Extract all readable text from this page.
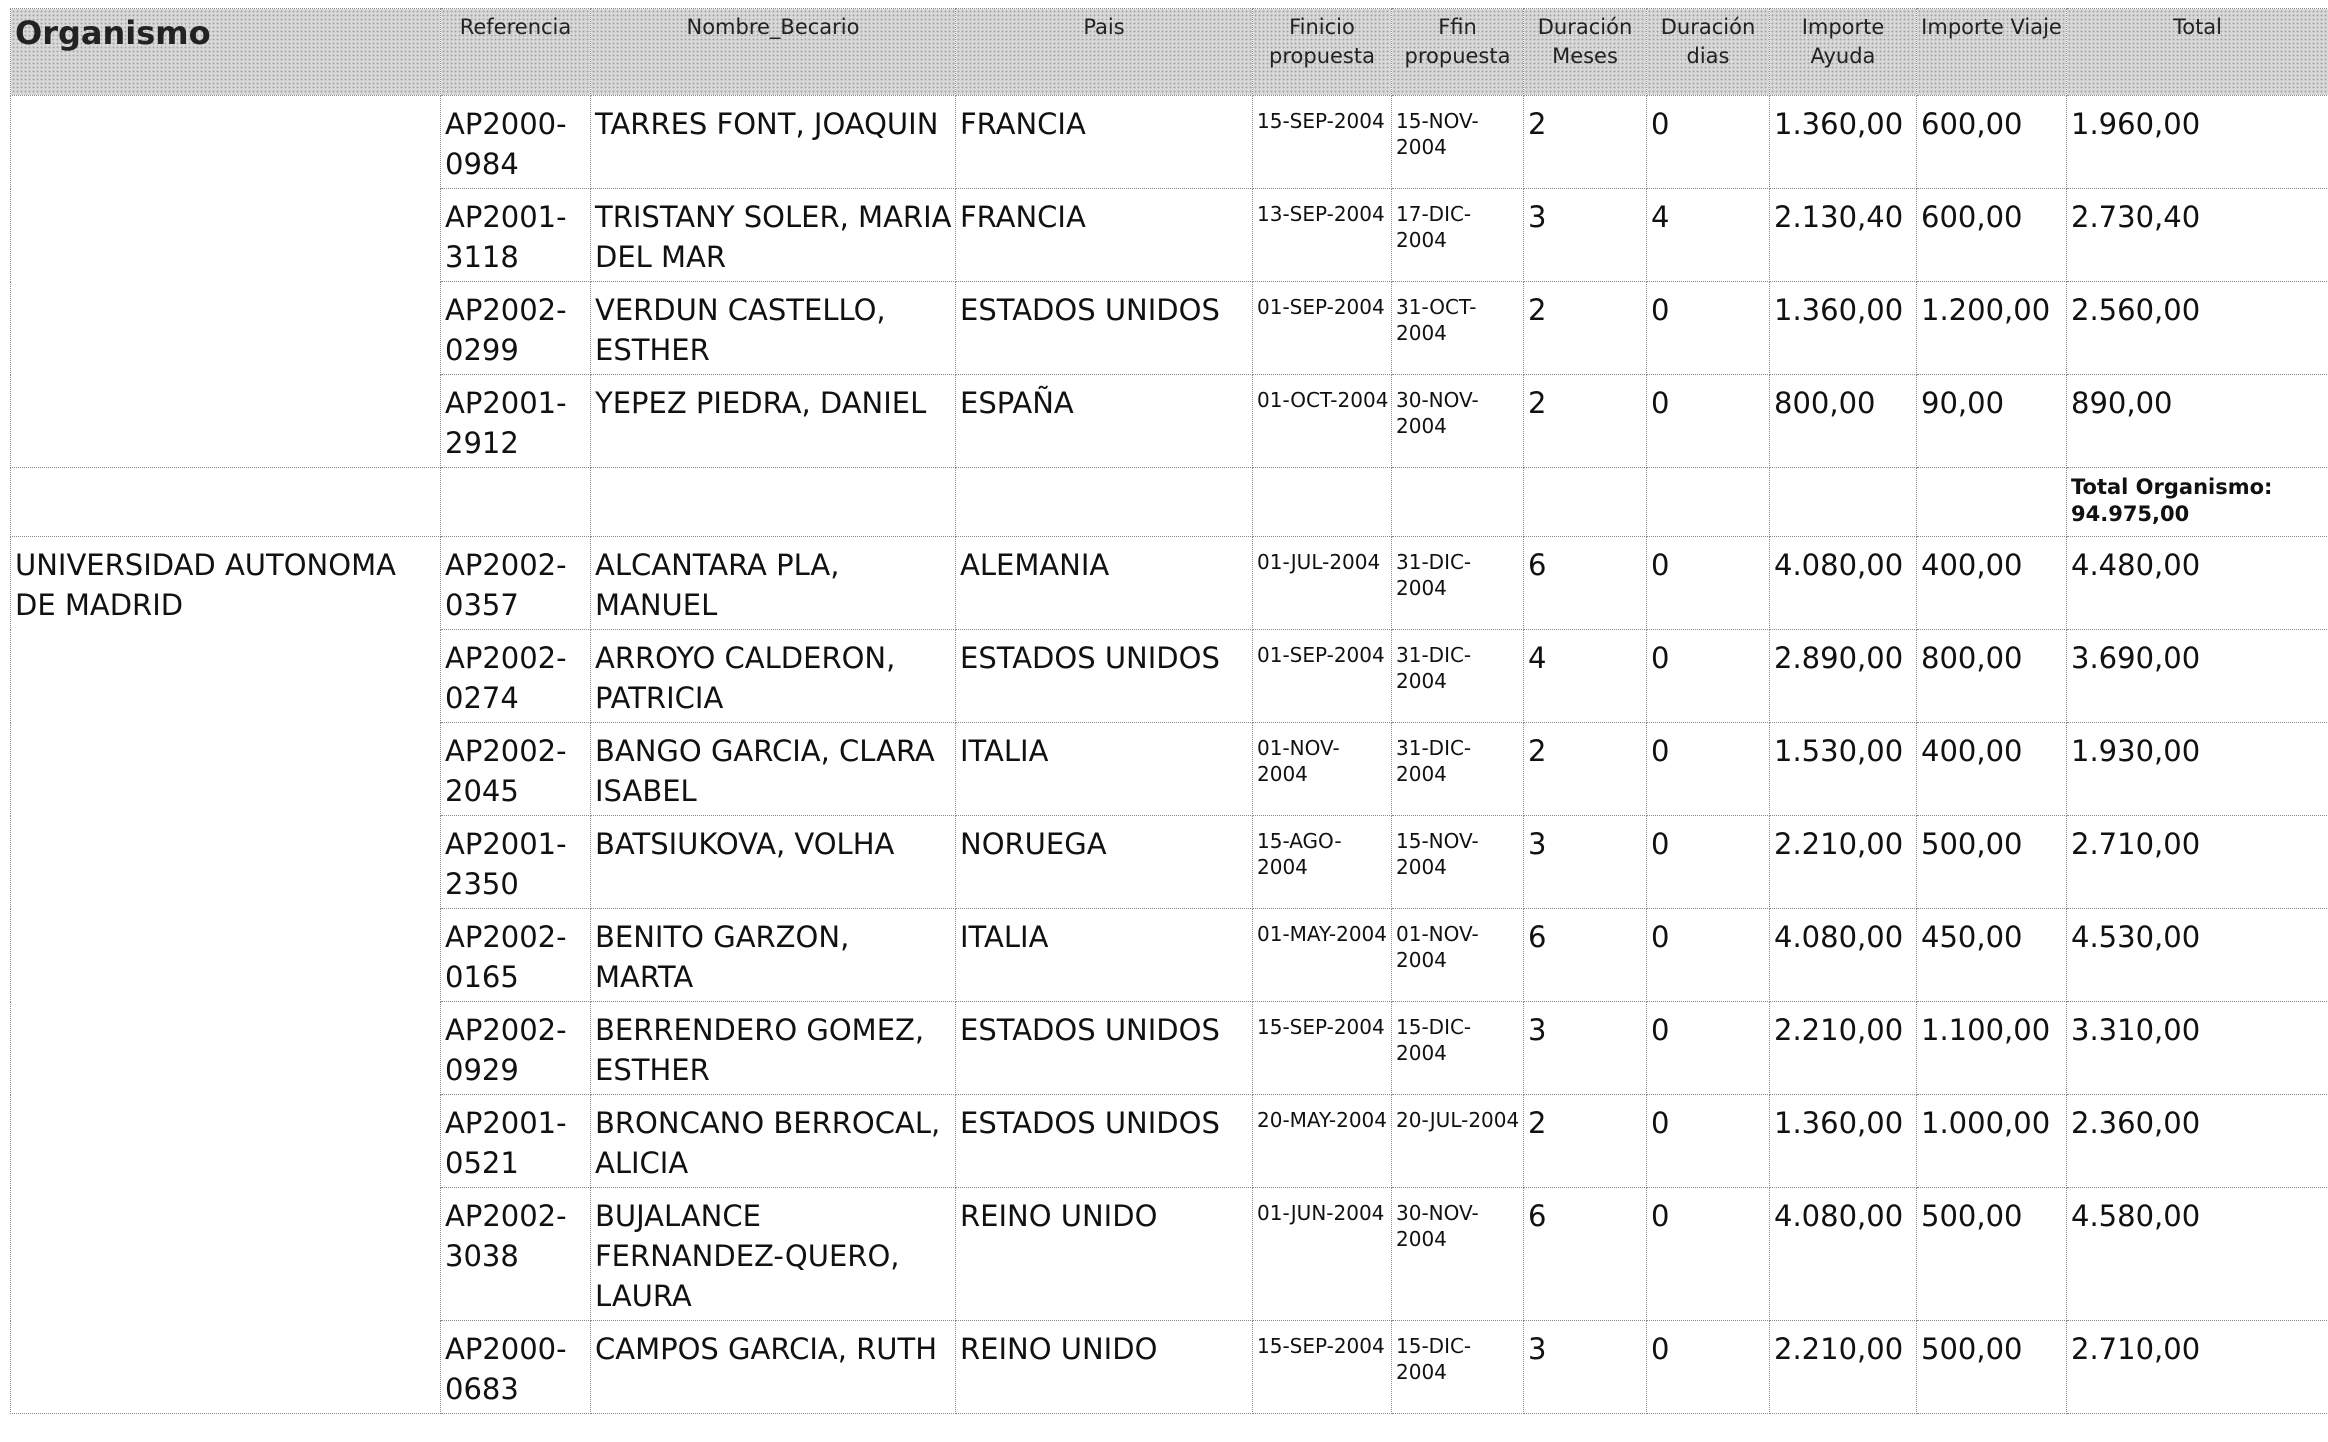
Organismo	Referencia	Nombre_Becario	Pais	Finicio propuesta	Ffin propuesta	Duración Meses	Duración dias	Importe Ayuda	Importe Viaje	Total

	AP2000-0984	TARRES FONT, JOAQUIN	FRANCIA	15-SEP-2004	15-NOV-2004	2	0	1.360,00	600,00	1.960,00

	AP2001-3118	TRISTANY SOLER, MARIA DEL MAR	FRANCIA	13-SEP-2004	17-DIC-2004	3	4	2.130,40	600,00	2.730,40

	AP2002-0299	VERDUN CASTELLO, ESTHER	ESTADOS UNIDOS	01-SEP-2004	31-OCT-2004	2	0	1.360,00	1.200,00	2.560,00

	AP2001-2912	YEPEZ PIEDRA, DANIEL	ESPAÑA	01-OCT-2004	30-NOV-2004	2	0	800,00	90,00	890,00

										Total Organismo: 94.975,00

UNIVERSIDAD AUTONOMA DE MADRID	AP2002-0357	ALCANTARA PLA, MANUEL	ALEMANIA	01-JUL-2004	31-DIC-2004	6	0	4.080,00	400,00	4.480,00

	AP2002-0274	ARROYO CALDERON, PATRICIA	ESTADOS UNIDOS	01-SEP-2004	31-DIC-2004	4	0	2.890,00	800,00	3.690,00

	AP2002-2045	BANGO GARCIA, CLARA ISABEL	ITALIA	01-NOV-2004	31-DIC-2004	2	0	1.530,00	400,00	1.930,00

	AP2001-2350	BATSIUKOVA, VOLHA	NORUEGA	15-AGO-2004	15-NOV-2004	3	0	2.210,00	500,00	2.710,00

	AP2002-0165	BENITO GARZON, MARTA	ITALIA	01-MAY-2004	01-NOV-2004	6	0	4.080,00	450,00	4.530,00

	AP2002-0929	BERRENDERO GOMEZ, ESTHER	ESTADOS UNIDOS	15-SEP-2004	15-DIC-2004	3	0	2.210,00	1.100,00	3.310,00

	AP2001-0521	BRONCANO BERROCAL, ALICIA	ESTADOS UNIDOS	20-MAY-2004	20-JUL-2004	2	0	1.360,00	1.000,00	2.360,00

	AP2002-3038	BUJALANCE FERNANDEZ-QUERO, LAURA	REINO UNIDO	01-JUN-2004	30-NOV-2004	6	0	4.080,00	500,00	4.580,00

	AP2000-0683	CAMPOS GARCIA, RUTH	REINO UNIDO	15-SEP-2004	15-DIC-2004	3	0	2.210,00	500,00	2.710,00
